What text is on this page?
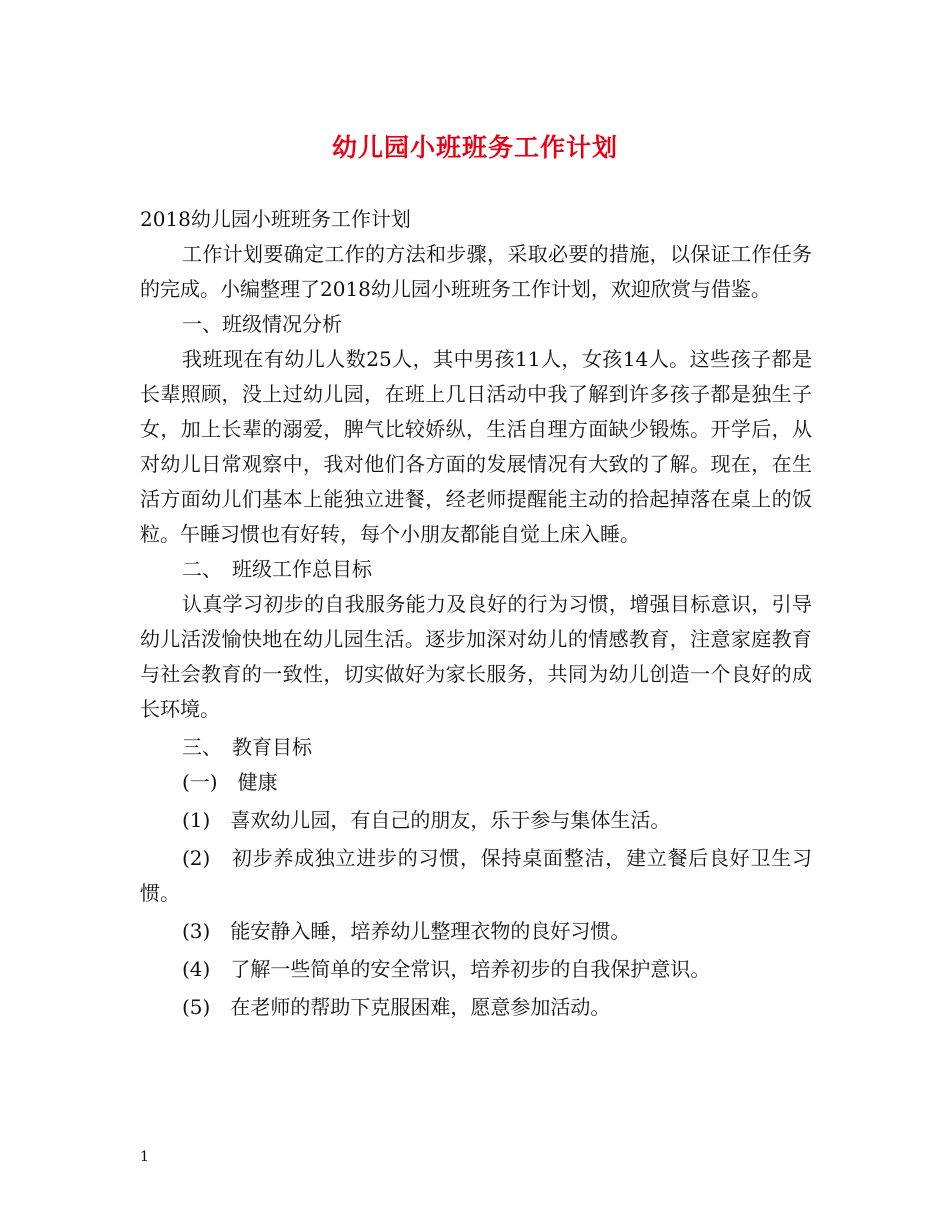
幼儿园小班班务工作计划

2018幼儿园小班班务工作计划

工作计划要确定工作的方法和步骤，采取必要的措施，以保证工作任务的完成。小编整理了2018幼儿园小班班务工作计划，欢迎欣赏与借鉴。

一、班级情况分析

我班现在有幼儿人数25人，其中男孩11人，女孩14人。这些孩子都是长辈照顾，没上过幼儿园，在班上几日活动中我了解到许多孩子都是独生子女，加上长辈的溺爱，脾气比较娇纵，生活自理方面缺少锻炼。开学后，从对幼儿日常观察中，我对他们各方面的发展情况有大致的了解。现在，在生活方面幼儿们基本上能独立进餐，经老师提醒能主动的拾起掉落在桌上的饭粒。午睡习惯也有好转，每个小朋友都能自觉上床入睡。

二、　班级工作总目标

认真学习初步的自我服务能力及良好的行为习惯，增强目标意识，引导幼儿活泼愉快地在幼儿园生活。逐步加深对幼儿的情感教育，注意家庭教育与社会教育的一致性，切实做好为家长服务，共同为幼儿创造一个良好的成长环境。

三、　教育目标

(一)　健康

(1)　喜欢幼儿园，有自己的朋友，乐于参与集体生活。

(2)　初步养成独立进步的习惯，保持桌面整洁，建立餐后良好卫生习惯。

(3)　能安静入睡，培养幼儿整理衣物的良好习惯。

(4)　了解一些简单的安全常识，培养初步的自我保护意识。

(5)　在老师的帮助下克服困难，愿意参加活动。

1
